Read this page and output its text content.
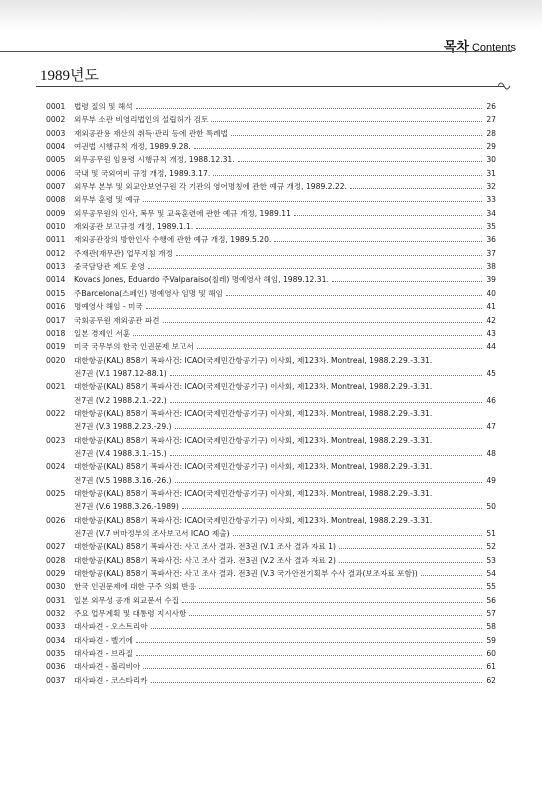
목차 Contents
1989년도
0001	법령 질의 및 해석	26
0002	외무부 소관 비영리법인의 설립허가 검토	27
0003	재외공관용 재산의 취득·관리 등에 관한 특례법	28
0004	여권법 시행규칙 개정, 1989.9.28.	29
0005	외무공무원 임용령 시행규칙 개정, 1988.12.31.	30
0006	국내 및 국외여비 규정 개정, 1989.3.17.	31
0007	외무부 본부 및 외교안보연구원 각 기관의 영어명칭에 관한 예규 개정, 1989.2.22.	32
0008	외무부 훈령 및 예규	33
0009	외무공무원의 인사, 복무 및 교육훈련에 관한 예규 개정, 1989.11	34
0010	재외공관 보고규정 개정, 1989.1.1.	35
0011	재외공관장의 방한인사 수행에 관한 예규 개정, 1989.5.20.	36
0012	주재관(재무관) 업무지침 개정	37
0013	중국담당관 제도 운영	38
0014	Kovacs Jones, Eduardo 주Valparaiso(칠레) 명예영사 해임, 1989.12.31.	39
0015	주Barcelona(스페인) 명예영사 임명 및 해임	40
0016	명예영사 해임 - 미국	41
0017	국회공무원 재외공관 파견	42
0018	일본 경제인 서훈	43
0019	미국 국무부의 한국 인권문제 보고서	44
0020	대한항공(KAL) 858기 폭파사건: ICAO(국제민간항공기구) 이사회, 제123차. Montreal, 1988.2.29.-3.31.
전7권 (V.1 1987.12-88.1)	45
0021	대한항공(KAL) 858기 폭파사건: ICAO(국제민간항공기구) 이사회, 제123차. Montreal, 1988.2.29.-3.31.
전7권 (V.2 1988.2.1.-22.)	46
0022	대한항공(KAL) 858기 폭파사건: ICAO(국제민간항공기구) 이사회, 제123차. Montreal, 1988.2.29.-3.31.
전7권 (V.3 1988.2.23.-29.)	47
0023	대한항공(KAL) 858기 폭파사건: ICAO(국제민간항공기구) 이사회, 제123차. Montreal, 1988.2.29.-3.31.
전7권 (V.4 1988.3.1.-15.)	48
0024	대한항공(KAL) 858기 폭파사건: ICAO(국제민간항공기구) 이사회, 제123차. Montreal, 1988.2.29.-3.31.
전7권 (V.5 1988.3.16.-26.)	49
0025	대한항공(KAL) 858기 폭파사건: ICAO(국제민간항공기구) 이사회, 제123차. Montreal, 1988.2.29.-3.31.
전7권 (V.6 1988.3.26.-1989)	50
0026	대한항공(KAL) 858기 폭파사건: ICAO(국제민간항공기구) 이사회, 제123차. Montreal, 1988.2.29.-3.31.
전7권 (V.7 버마정부의 조사보고서 ICAO 제출)	51
0027	대한항공(KAL) 858기 폭파사건: 사고 조사 결과. 전3권 (V.1 조사 결과 자료 1)	52
0028	대한항공(KAL) 858기 폭파사건: 사고 조사 결과. 전3권 (V.2 조사 결과 자료 2)	53
0029	대한항공(KAL) 858기 폭파사건: 사고 조사 결과. 전3권 (V.3 국가안전기획부 수사 결과(보조자료 포함))	54
0030	한국 인권문제에 대한 구주 의회 반응	55
0031	일본 외무성 공개 외교문서 수집	56
0032	주요 업무계획 및 대통령 지시사항	57
0033	대사파견 - 오스트리아	58
0034	대사파견 - 벨기에	59
0035	대사파견 - 브라질	60
0036	대사파견 - 볼리비아	61
0037	대사파견 - 코스타리카	62
